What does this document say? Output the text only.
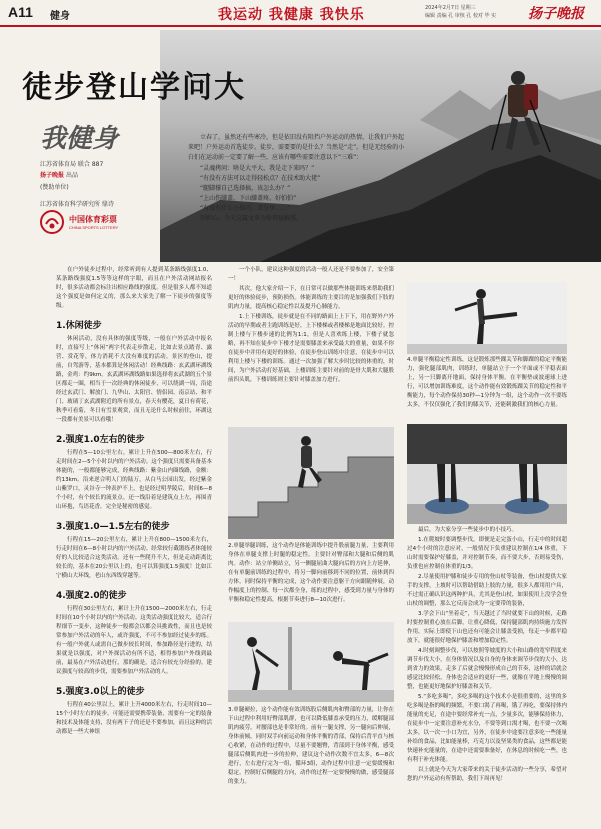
A11 健身	我运动 我健康 我快乐	2024年2月7日 星期三
编辑 责编 孔 审核 孔 校对 毕 实 扬子晚报
徒步登山学问大
我健身
江苏省体育局 联合 887
扬子晚报 出品
(赞助单位)
江苏省体育科学研究所 鼎诗
中国体育彩票
CHINA SPORTS LOTTERY

立春了，虽然还有些寒冷，但是依旧没有阻挡户外运动的热情，让我们户外起来吧！户外运动首选徒步。徒步，需要要的是什么？当然是“走”。但是无经验的小白们在运动前一定要了解一些，应该有哪些需要注意以下“三难”：

“灵魂拷问：啥是大平大，我是走下来吗？”
“有没有方法可以走得轻松点？在技术助大佬”
“腿脚撑自己选择搞，该怎么办？”
“上山伤膝盖，下山膝盖疼，好怕怕”
“有没有什么小技巧，求分享……”
别担心，今天这篇文章为你答疑解惑。

在户外徒步过程中，经常听到有人提到某条路线强度1.0、某条路线强度1.5等等这样的字眼，而且在户外活动网站报名时，很多活动都会标注出相应路线的强度。但是很多人都不知道这个强度是如何定义的，那么来大家先了解一下徒步的强度等级。

1.休闲徒步

休闲活动，没有具体的强度等级，一般在户外活动中报名时，直接写上“休闲”两字代表走步散走，比如去景点踏青、露营、赏花等，体力消耗不大没有难度的活动，景区的登山，提前，自驾游等，基本都算是休闲活动！经典线路：玄武湖环湖线路，金鸡：约9km。玄武湖环湖线路如果选择将玄武湖的五个景区都走一圈，相当于一次经典的休闲徒步，可以绕湖一周，沿途经过玄武门、解放门、九华山、太阳宫、情侣园、南京站、和平门、玻璃丁玄武湖附近的所有景点，春天有樱花，夏日有荷花，秋季可看菊，冬日有雪景观赏，而且无论什么时候前往，环湖这一段都有美景可以看哦！

2.强度1.0左右的徒步

行程在5—10公里左右，累计上升在500—800米左右，行走时间在2—5个小时以内的户外活动。这个强度只需要具备基本体能的，一般都能够完成，经典线路：紫金山内圈线路，金额：约13km。沿来逆合明人门的陆万，从白马公园出发，经过紫金山紫罗口，灵谷寺一钟表护不上，也是经过明孝陵后，时间6—8个小时，有个较长的流景点。还一线沿着是建筑点上左，再围青山环抱，鸟语花香，完全是秘密的感觉。

3.强度1.0—1.5左右的徒步

行程在15—20公里左右，累计上升在800—1500米左右，行走时间在6—8小时以内的户外活动。经常较行截锻练者体能较好的人比较适合这类活动。还有一些爬升不大，但是走动距离比较长的，基本在20公里以上的，也可以算强度1.5强度！比如江宁横山大环线，老山东西线穿越等。

4.强度2.0的徒步

行程在30公里左右，累计上升在1500—2000米左右，行走时间在10个小时以内的户外活动。这类活动强度比较大，适合行程细节一变步，这种徒步一般都会以都会具挑战性，而且也是较常参加户外活动的年人，或许强度，不可不参加经过徒步的练。有一般户外就人或需自己做步较长时间，参加路径是行进的，结果就是以强度，对户外探活动有所不适，相得参加户外线到最前，最易在户外活动进行，那的确是，适合有较充分经验的。建议强度与较高的步伐，需要参加户外活动的人。

5.强度3.0以上的徒步

行程在40公里以上，累计上升4000米左右，行走时间10—15个小时左右的徒步。可能还需要携带装备，需要有一定的装备和技术及体能支持，没有两下子的还是不要参加，而且这种的活动都是一些大神组

一个小队，建议这种强度的活动一般人还是不要参加了，安全第一！

其次，他大家介绍一下，在日常可以做那些体能训练来帮助我们更好的体验徒步，预防损伤。体能训练的主要目的是加强我们下肢的肌肉力量，提高核心稳定性以及提升心肺能力。

1.上下楼训练，徒步就是在不同的路面上上下下，用在野外户外活动的早期或者主跑训练是好，上下楼梯或者楼梯是地面比较好。控制上楼与下楼步速的比例为1:1，但是人喜欢练上楼，下楼子就忽略，再不知在徒步中下楼才是需要膝盖来承受最大的重量，如果不你在徒步中并用有更好的体验，在徒步登山训练中注意，在徒步中可以利用上楼与下楼的训练。通过一次加强了解大步时比较的体重的，时间，为户外活动打好基础，上楼训练主要针对前的是骨大肌和大腿股前四头肌，下楼训练则主要针对膝盖加力进行。

2.单腿举腿训练，这个动作是体能训练中提升股前腿力量，主要利用身体在单腿支撑上时腿的稳定性。主要针对臀部和大腿和后侧的肌肉。动作：站立单侧站立，另一侧腿屈曲大腿向后的方向上方延伸，在有单腿前训练的过程中，将另一脚向前移到不同的位置，前体到四方体，同时保持平衡的完成，这个动作要注意躯干方向跟随伸展，动作幅度上的控制、每一次都全身，练的过程中，感受到力量与身体的平衡和稳定性提高，根据节奏进行8—10次进行。
3.单腿硬拉，这个动作能有效训练股后侧肌肉和臀部的力量，让你在下山过程中利用好臀部肌群，也可以降低膝盖承受的压力，缓解腿部肌肉疲劳，对腰部也是非常好的。前有一腿支撑，另一腿向后伸展，身体前倾，同时双手向前运动和身体平衡的背部，保持后背平直与核心收紧，在动作的过程中，尽量不要翘臀，背部到于身体平衡，感受腿部后侧肌肉进一步的拉伸，建议这个动作次数不宜太多，6—8次进行，左右进行完为一组，循环3组，动作过程中注意一定要缓慢和稳定，控制好后侧腿的方向，动作的过程一定要慢慢的做，感受腿部的张力。
4.单腿平衡稳定性训练，这是锻炼那些踝关节和脚踝的稳定平衡能力，强化腿部肌肉，训练时，单腿站立于一个平面或不平稳表面上，另一只脚离开地面，保持身体平衡。在平衡垫或波速球上进行，可以增加训练难度，这个动作能有效锻炼踝关节的稳定性和平衡能力，每个动作保持30秒—1分钟为一组，这个动作一次不要练太多，不仅仅强化了我们的膝关节，还能刺激我们的核心力量。

最后，为大家分享一些徒步中的小技巧。

1.在爬坡时要调整步伐，即便是走完蛋小山，行走中的时间超过4个小时的注意应对，一般情况下负重建议控制在1/4 体重，下山时需要保护好膝盖，并对控制节奏，而不要大步，否则易受伤，负重也应控制在体重的1/3。

2.尽量使用护膝和徒步专用的登山杖等装备，登山杖提供大家手的支撑，上坡时可以帮助借助上肢的力量，很多人都用用户具，不过需正确认识这两种护具，尤其是登山杖，如果使用上没学会登山杖的调整，那么它反而会成为一定要带的装备，

3.学会下山“坐着走”，当天越过了当时就要下山的时候，走路时要控制重心放在后脚，让重心降低，保持腿部肌肉持续施力发挥作用，实际上即使下山也还有可能会让膝盖受损，每走一步都平稳放下，就能很好地保护膝盖和增加稳定性。

4.时刻调整步伐，可以按照等坡度的大小和山路的宽窄程度来调节步伐大小，在身体情况以及自身的身体来调节步伐的大小，达到省力的效果，走多了后就会慢慢形成自己的节奏，这样的话就会感觉比较轻松，身体也会适应的更好一些，就像在平地上慢慢的调整，也能更好地保护好膝盖和关节。

5.“多吃多喝”，多吃多喝的这个技术小是很重要的，这里的多吃多喝是指的喝的频繁，不要口渴了再喝，饿了再吃，要保持体内能量的充足，在途中要经常补充一点，少量多次，能够保持体力，在徒步中一定要注意补充水分，不要等到口渴才喝，也不要一次喝太多，以一次一小口为宜，另外，在徒步中途要注意多吃一些能量补给的食品，比如能量棒，巧克力以及坚果类的食品，这些都是能快速补充能量的，在途中还需要准备好，在休息的时候吃一些，也有利于补充体能。

以上就是今天为大家带来的关于徒步活动的一些分享，希望对您的户外运动有所帮助，我们下周再见！
